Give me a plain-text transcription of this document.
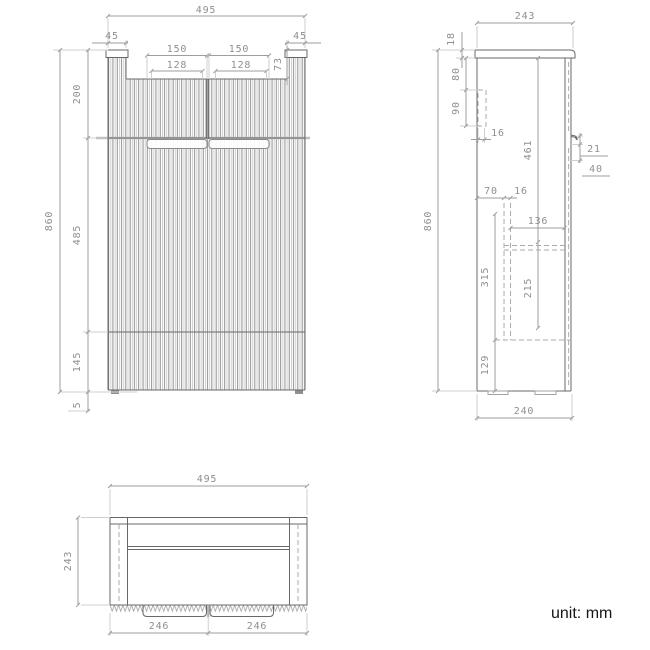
495
45	45
150	150
128	128 73
200
485
145
5
860
243
18
80
90
16
461	21
40
70 16
136
315
215
129
860
240
495
243
246	246
unit: mm
